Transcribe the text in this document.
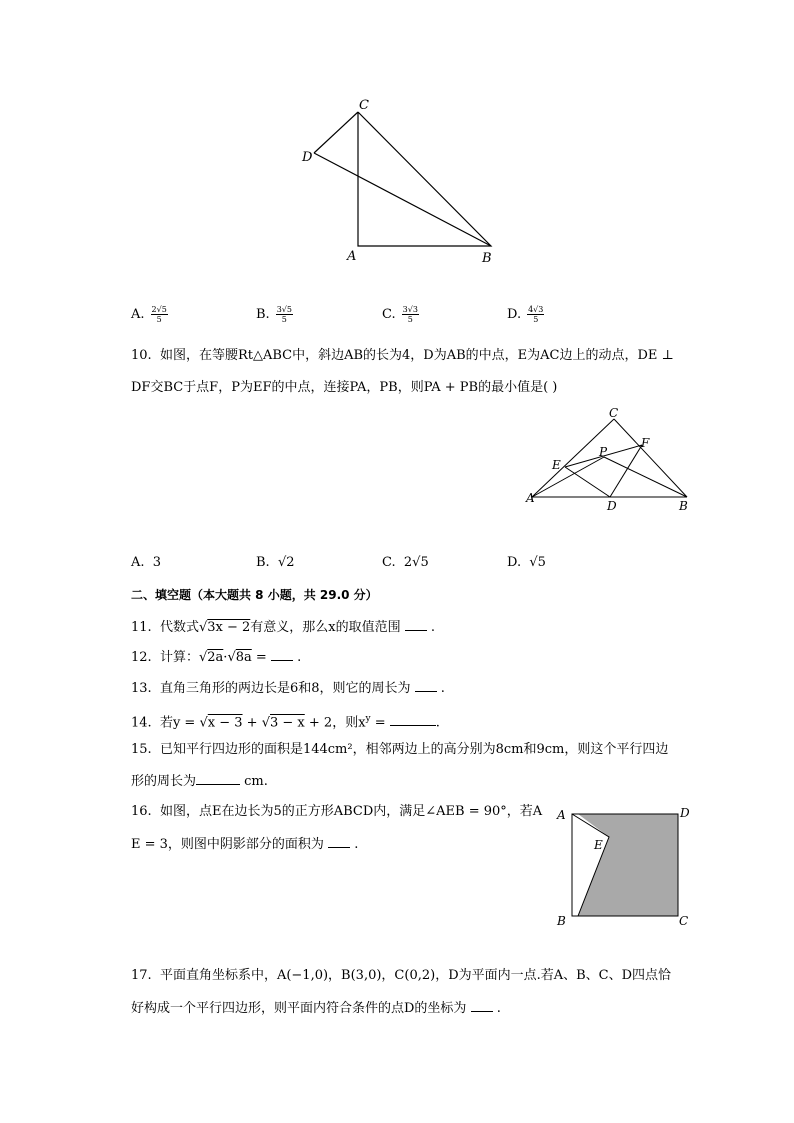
C
D
A	B
A. $\frac{2√5}{5}$	B. $\frac{3√5}{5}$	C. $\frac{3√3}{5}$	D. $\frac{4√3}{5}$
10. 如图，在等腰Rt△ABC中，斜边AB的长为4，D为AB的中点，E为AC边上的动点，DE ⊥
DF交BC于点F，P为EF的中点，连接PA，PB，则PA + PB的最小值是( )
C
F
P
E
A
D	B
A. 3	B. √2	C. 2√5	D. √5
二、填空题（本大题共 8 小题，共 29.0 分）
11. 代数式√3x − 2有意义，那么x的取值范围 .
12. 计算：√2a·√8a =  .
13. 直角三角形的两边长是6和8，则它的周长为 .
14. 若y = √x − 3 + √3 − x + 2，则$x^y$ =	.
15. 已知平行四边形的面积是144cm²，相邻两边上的高分别为8cm和9cm，则这个平行四边
形的周长为	cm.
16. 如图，点E在边长为5的正方形ABCD内，满足∠AEB = 90°，若A
E = 3，则图中阴影部分的面积为 .
A	D
E
B	C
17. 平面直角坐标系中，A(−1,0)，B(3,0)，C(0,2)，D为平面内一点.若A、B、C、D四点恰
好构成一个平行四边形，则平面内符合条件的点D的坐标为 .
